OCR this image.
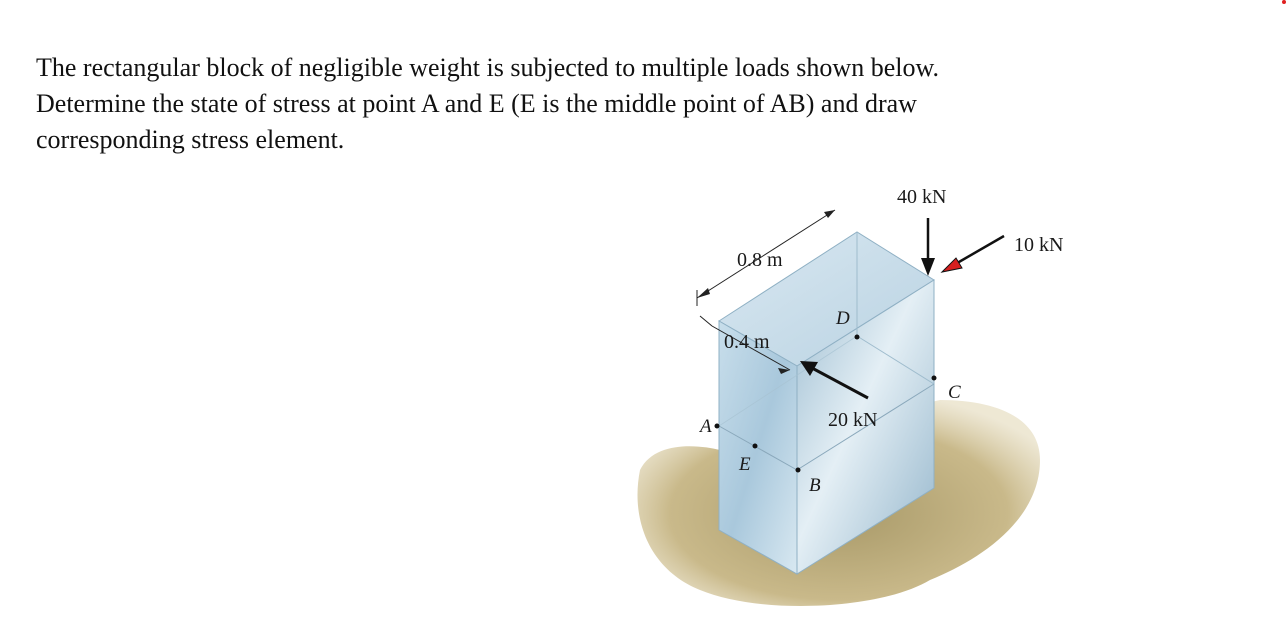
The rectangular block of negligible weight is subjected to multiple loads shown below.
Determine the state of stress at point A and E (E is the middle point of AB) and draw
corresponding stress element.
0.8 m
0.4 m
40 kN
10 kN
20 kN
A
E
B
C
D
